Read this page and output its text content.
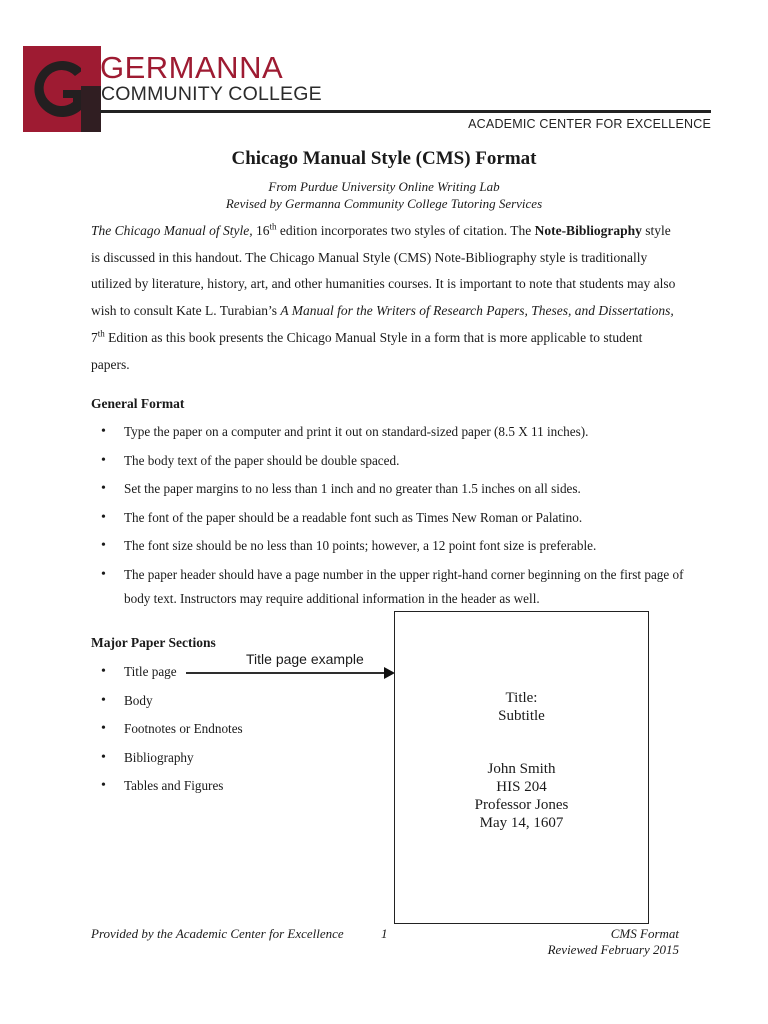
GERMANNA
COMMUNITY COLLEGE
ACADEMIC CENTER FOR EXCELLENCE
Chicago Manual Style (CMS) Format
From Purdue University Online Writing Lab
Revised by Germanna Community College Tutoring Services
The Chicago Manual of Style, 16th edition incorporates two styles of citation. The Note-Bibliography style is discussed in this handout. The Chicago Manual Style (CMS) Note-Bibliography style is traditionally utilized by literature, history, art, and other humanities courses. It is important to note that students may also wish to consult Kate L. Turabian’s A Manual for the Writers of Research Papers, Theses, and Dissertations, 7th Edition as this book presents the Chicago Manual Style in a form that is more applicable to student papers.
General Format
• Type the paper on a computer and print it out on standard-sized paper (8.5 X 11 inches).
• The body text of the paper should be double spaced.
• Set the paper margins to no less than 1 inch and no greater than 1.5 inches on all sides.
• The font of the paper should be a readable font such as Times New Roman or Palatino.
• The font size should be no less than 10 points; however, a 12 point font size is preferable.
• The paper header should have a page number in the upper right-hand corner beginning on the first page of body text. Instructors may require additional information in the header as well.
Major Paper Sections
• Title page
• Body
• Footnotes or Endnotes
• Bibliography
• Tables and Figures
Title page example
Title:
Subtitle
John Smith
HIS 204
Professor Jones
May 14, 1607
Provided by the Academic Center for Excellence	1	CMS Format
Reviewed February 2015
